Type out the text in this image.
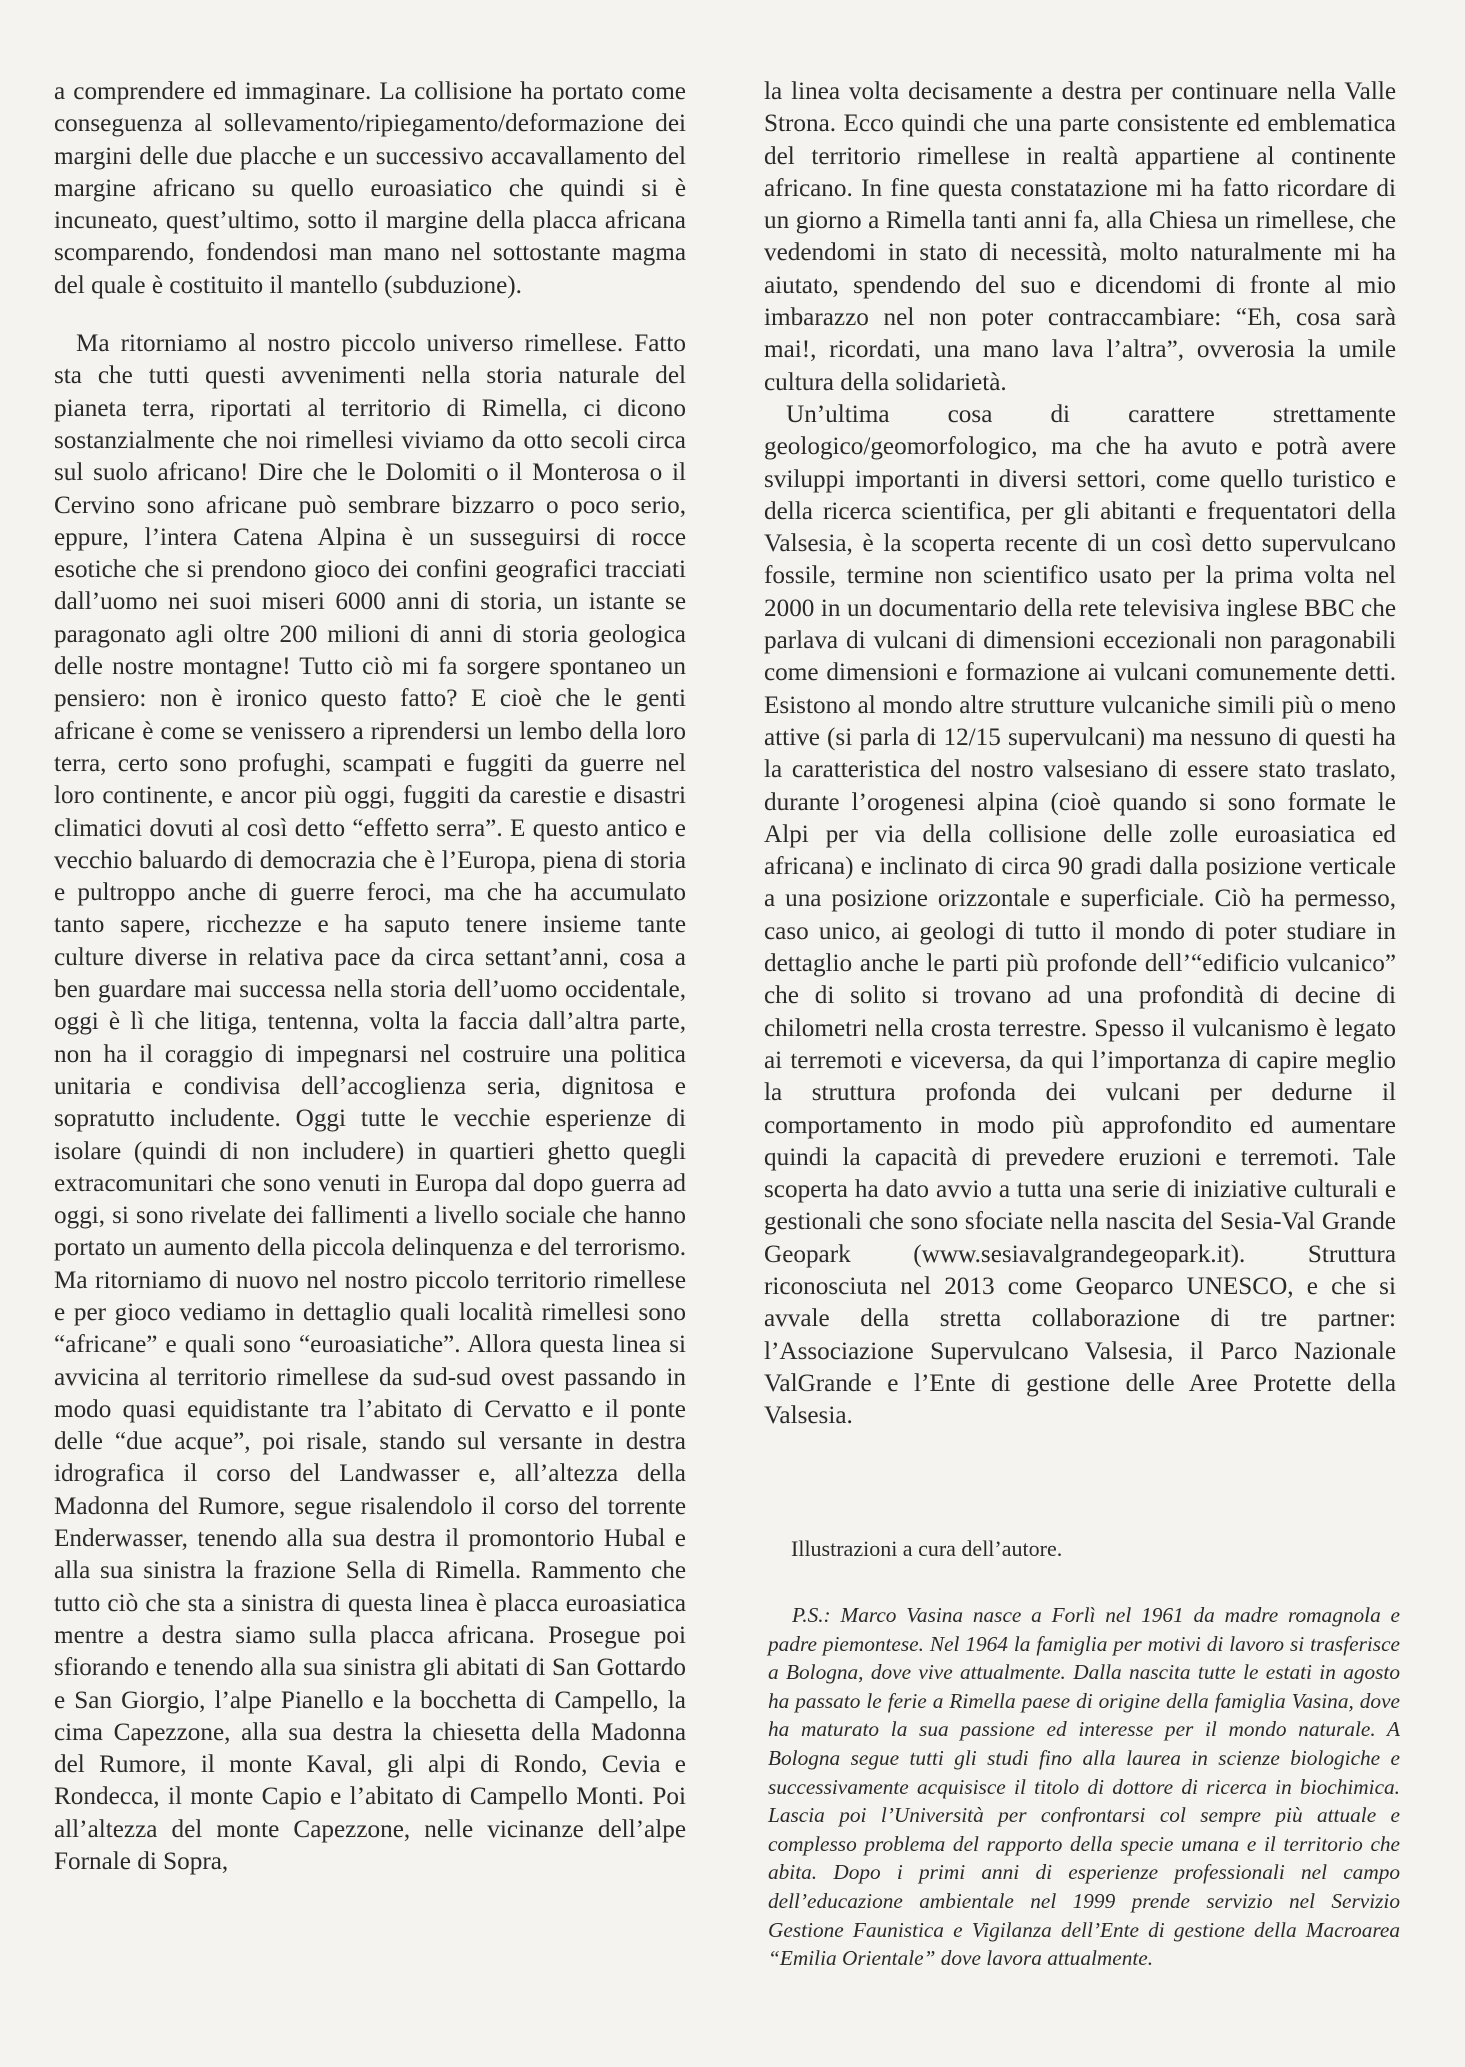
a comprendere ed immaginare. La collisione ha portato come conseguenza al sollevamento/ripiegamento/deformazione dei margini delle due placche e un successivo accavallamento del margine africano su quello euroasiatico che quindi si è incuneato, quest’ultimo, sotto il margine della placca africana scomparendo, fondendosi man mano nel sottostante magma del quale è costituito il mantello (subduzione).

Ma ritorniamo al nostro piccolo universo rimellese. Fatto sta che tutti questi avvenimenti nella storia naturale del pianeta terra, riportati al territorio di Rimella, ci dicono sostanzialmente che noi rimellesi viviamo da otto secoli circa sul suolo africano! Dire che le Dolomiti o il Monterosa o il Cervino sono africane può sembrare bizzarro o poco serio, eppure, l’intera Catena Alpina è un susseguirsi di rocce esotiche che si prendono gioco dei confini geografici tracciati dall’uomo nei suoi miseri 6000 anni di storia, un istante se paragonato agli oltre 200 milioni di anni di storia geologica delle nostre montagne! Tutto ciò mi fa sorgere spontaneo un pensiero: non è ironico questo fatto? E cioè che le genti africane è come se venissero a riprendersi un lembo della loro terra, certo sono profughi, scampati e fuggiti da guerre nel loro continente, e ancor più oggi, fuggiti da carestie e disastri climatici dovuti al così detto “effetto serra”. E questo antico e vecchio baluardo di democrazia che è l’Europa, piena di storia e pultroppo anche di guerre feroci, ma che ha accumulato tanto sapere, ricchezze e ha saputo tenere insieme tante culture diverse in relativa pace da circa settant’anni, cosa a ben guardare mai successa nella storia dell’uomo occidentale, oggi è lì che litiga, tentenna, volta la faccia dall’altra parte, non ha il coraggio di impegnarsi nel costruire una politica unitaria e condivisa dell’accoglienza seria, dignitosa e sopratutto includente. Oggi tutte le vecchie esperienze di isolare (quindi di non includere) in quartieri ghetto quegli extracomunitari che sono venuti in Europa dal dopo guerra ad oggi, si sono rivelate dei fallimenti a livello sociale che hanno portato un aumento della piccola delinquenza e del terrorismo. Ma ritorniamo di nuovo nel nostro piccolo territorio rimellese e per gioco vediamo in dettaglio quali località rimellesi sono “africane” e quali sono “euroasiatiche”. Allora questa linea si avvicina al territorio rimellese da sud-sud ovest passando in modo quasi equidistante tra l’abitato di Cervatto e il ponte delle “due acque”, poi risale, stando sul versante in destra idrografica il corso del Landwasser e, all’altezza della Madonna del Rumore, segue risalendolo il corso del torrente Enderwasser, tenendo alla sua destra il promontorio Hubal e alla sua sinistra la frazione Sella di Rimella. Rammento che tutto ciò che sta a sinistra di questa linea è placca euroasiatica mentre a destra siamo sulla placca africana. Prosegue poi sfiorando e tenendo alla sua sinistra gli abitati di San Gottardo e San Giorgio, l’alpe Pianello e la bocchetta di Campello, la cima Capezzone, alla sua destra la chiesetta della Madonna del Rumore, il monte Kaval, gli alpi di Rondo, Cevia e Rondecca, il monte Capio e l’abitato di Campello Monti. Poi all’altezza del monte Capezzone, nelle vicinanze dell’alpe Fornale di Sopra,

la linea volta decisamente a destra per continuare nella Valle Strona. Ecco quindi che una parte consistente ed emblematica del territorio rimellese in realtà appartiene al continente africano. In fine questa constatazione mi ha fatto ricordare di un giorno a Rimella tanti anni fa, alla Chiesa un rimellese, che vedendomi in stato di necessità, molto naturalmente mi ha aiutato, spendendo del suo e dicendomi di fronte al mio imbarazzo nel non poter contraccambiare: “Eh, cosa sarà mai!, ricordati, una mano lava l’altra”, ovverosia la umile cultura della solidarietà.

Un’ultima cosa di carattere strettamente geologico/geomorfologico, ma che ha avuto e potrà avere sviluppi importanti in diversi settori, come quello turistico e della ricerca scientifica, per gli abitanti e frequentatori della Valsesia, è la scoperta recente di un così detto supervulcano fossile, termine non scientifico usato per la prima volta nel 2000 in un documentario della rete televisiva inglese BBC che parlava di vulcani di dimensioni eccezionali non paragonabili come dimensioni e formazione ai vulcani comunemente detti. Esistono al mondo altre strutture vulcaniche simili più o meno attive (si parla di 12/15 supervulcani) ma nessuno di questi ha la caratteristica del nostro valsesiano di essere stato traslato, durante l’orogenesi alpina (cioè quando si sono formate le Alpi per via della collisione delle zolle euroasiatica ed africana) e inclinato di circa 90 gradi dalla posizione verticale a una posizione orizzontale e superficiale. Ciò ha permesso, caso unico, ai geologi di tutto il mondo di poter studiare in dettaglio anche le parti più profonde dell’“edificio vulcanico” che di solito si trovano ad una profondità di decine di chilometri nella crosta terrestre. Spesso il vulcanismo è legato ai terremoti e viceversa, da qui l’importanza di capire meglio la struttura profonda dei vulcani per dedurne il comportamento in modo più approfondito ed aumentare quindi la capacità di prevedere eruzioni e terremoti. Tale scoperta ha dato avvio a tutta una serie di iniziative culturali e gestionali che sono sfociate nella nascita del Sesia-Val Grande Geopark (www.sesiavalgrandegeopark.it). Struttura riconosciuta nel 2013 come Geoparco UNESCO, e che si avvale della stretta collaborazione di tre partner: l’Associazione Supervulcano Valsesia, il Parco Nazionale ValGrande e l’Ente di gestione delle Aree Protette della Valsesia.

Illustrazioni a cura dell’autore.

P.S.: Marco Vasina nasce a Forlì nel 1961 da madre romagnola e padre piemontese. Nel 1964 la famiglia per motivi di lavoro si trasferisce a Bologna, dove vive attualmente. Dalla nascita tutte le estati in agosto ha passato le ferie a Rimella paese di origine della famiglia Vasina, dove ha maturato la sua passione ed interesse per il mondo naturale. A Bologna segue tutti gli studi fino alla laurea in scienze biologiche e successivamente acquisisce il titolo di dottore di ricerca in biochimica. Lascia poi l’Università per confrontarsi col sempre più attuale e complesso problema del rapporto della specie umana e il territorio che abita. Dopo i primi anni di esperienze professionali nel campo dell’educazione ambientale nel 1999 prende servizio nel Servizio Gestione Faunistica e Vigilanza dell’Ente di gestione della Macroarea “Emilia Orientale” dove lavora attualmente.
